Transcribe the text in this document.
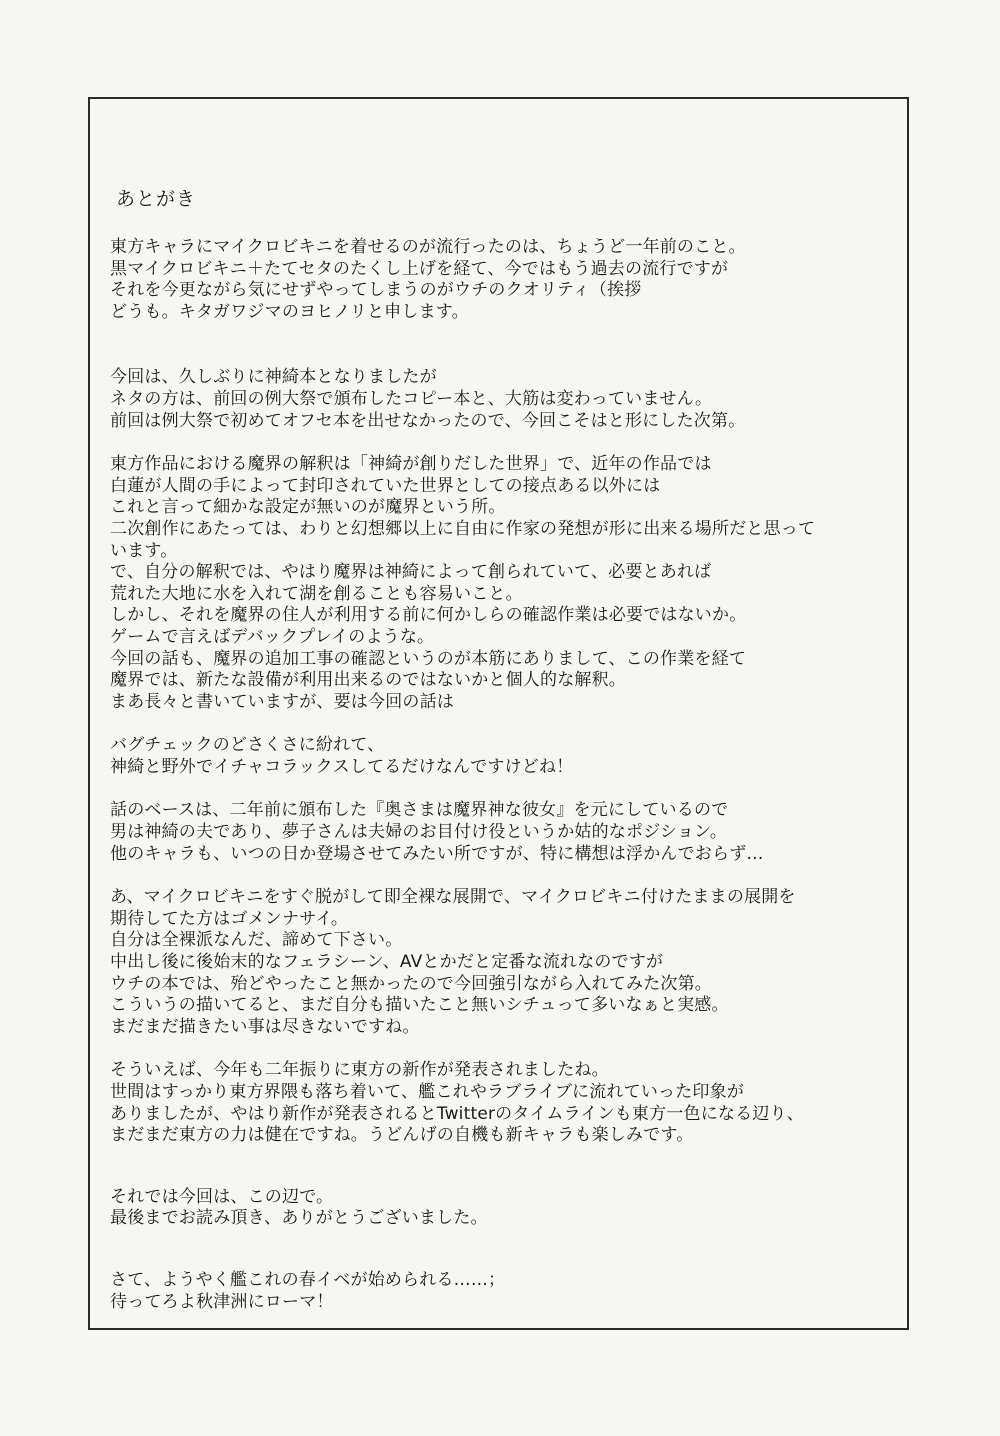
あとがき
東方キャラにマイクロビキニを着せるのが流行ったのは、ちょうど一年前のこと。
黒マイクロビキニ＋たてセタのたくし上げを経て、今ではもう過去の流行ですが
それを今更ながら気にせずやってしまうのがウチのクオリティ（挨拶
どうも。キタガワジマのヨヒノリと申します。
今回は、久しぶりに神綺本となりましたが
ネタの方は、前回の例大祭で頒布したコピー本と、大筋は変わっていません。
前回は例大祭で初めてオフセ本を出せなかったので、今回こそはと形にした次第。
東方作品における魔界の解釈は「神綺が創りだした世界」で、近年の作品では
白蓮が人間の手によって封印されていた世界としての接点ある以外には
これと言って細かな設定が無いのが魔界という所。
二次創作にあたっては、わりと幻想郷以上に自由に作家の発想が形に出来る場所だと思って
います。
で、自分の解釈では、やはり魔界は神綺によって創られていて、必要とあれば
荒れた大地に水を入れて湖を創ることも容易いこと。
しかし、それを魔界の住人が利用する前に何かしらの確認作業は必要ではないか。
ゲームで言えばデバックプレイのような。
今回の話も、魔界の追加工事の確認というのが本筋にありまして、この作業を経て
魔界では、新たな設備が利用出来るのではないかと個人的な解釈。
まあ長々と書いていますが、要は今回の話は
バグチェックのどさくさに紛れて、
神綺と野外でイチャコラックスしてるだけなんですけどね！
話のベースは、二年前に頒布した『奥さまは魔界神な彼女』を元にしているので
男は神綺の夫であり、夢子さんは夫婦のお目付け役というか姑的なポジション。
他のキャラも、いつの日か登場させてみたい所ですが、特に構想は浮かんでおらず…
あ、マイクロビキニをすぐ脱がして即全裸な展開で、マイクロビキニ付けたままの展開を
期待してた方はゴメンナサイ。
自分は全裸派なんだ、諦めて下さい。
中出し後に後始末的なフェラシーン、AVとかだと定番な流れなのですが
ウチの本では、殆どやったこと無かったので今回強引ながら入れてみた次第。
こういうの描いてると、まだ自分も描いたこと無いシチュって多いなぁと実感。
まだまだ描きたい事は尽きないですね。
そういえば、今年も二年振りに東方の新作が発表されましたね。
世間はすっかり東方界隈も落ち着いて、艦これやラブライブに流れていった印象が
ありましたが、やはり新作が発表されるとTwitterのタイムラインも東方一色になる辺り、
まだまだ東方の力は健在ですね。うどんげの自機も新キャラも楽しみです。
それでは今回は、この辺で。
最後までお読み頂き、ありがとうございました。
さて、ようやく艦これの春イベが始められる……；
待ってろよ秋津洲にローマ！
